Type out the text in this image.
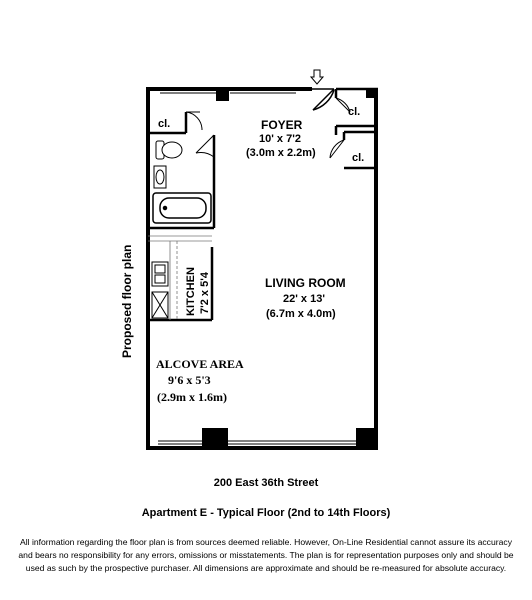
Proposed floor plan
cl.
cl.
cl.
FOYER
10' x 7'2
(3.0m x 2.2m)
KITCHEN 7'2 x 5'4	LIVING ROOM
22' x 13'
(6.7m x 4.0m)
ALCOVE AREA
9'6 x 5'3
(2.9m x 1.6m)
200 East 36th Street
Apartment E - Typical Floor (2nd to 14th Floors)
All information regarding the floor plan is from sources deemed reliable. However, On-Line Residential cannot assure its accuracy and bears no responsibility for any errors, omissions or misstatements. The plan is for representation purposes only and should be used as such by the prospective purchaser. All dimensions are approximate and should be re-measured for absolute accuracy.
